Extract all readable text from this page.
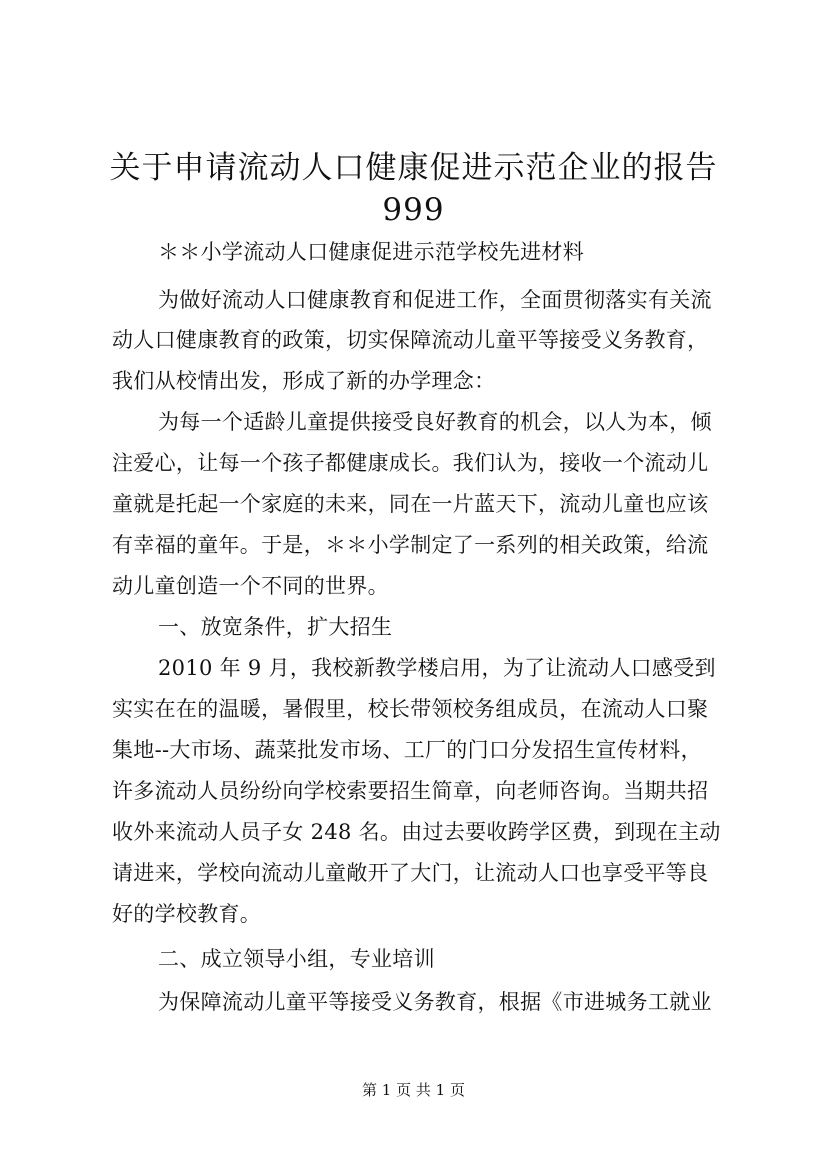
关于申请流动人口健康促进示范企业的报告
999

＊＊小学流动人口健康促进示范学校先进材料

为做好流动人口健康教育和促进工作，全面贯彻落实有关流

动人口健康教育的政策，切实保障流动儿童平等接受义务教育，

我们从校情出发，形成了新的办学理念：

为每一个适龄儿童提供接受良好教育的机会，以人为本，倾

注爱心，让每一个孩子都健康成长。我们认为，接收一个流动儿

童就是托起一个家庭的未来，同在一片蓝天下，流动儿童也应该

有幸福的童年。于是，＊＊小学制定了一系列的相关政策，给流

动儿童创造一个不同的世界。

一、放宽条件，扩大招生

2010 年 9 月，我校新教学楼启用，为了让流动人口感受到

实实在在的温暖，暑假里，校长带领校务组成员，在流动人口聚

集地--大市场、蔬菜批发市场、工厂的门口分发招生宣传材料，

许多流动人员纷纷向学校索要招生简章，向老师咨询。当期共招

收外来流动人员子女 248 名。由过去要收跨学区费，到现在主动

请进来，学校向流动儿童敞开了大门，让流动人口也享受平等良

好的学校教育。

二、成立领导小组，专业培训

为保障流动儿童平等接受义务教育，根据《市进城务工就业

第 1 页 共 1 页
